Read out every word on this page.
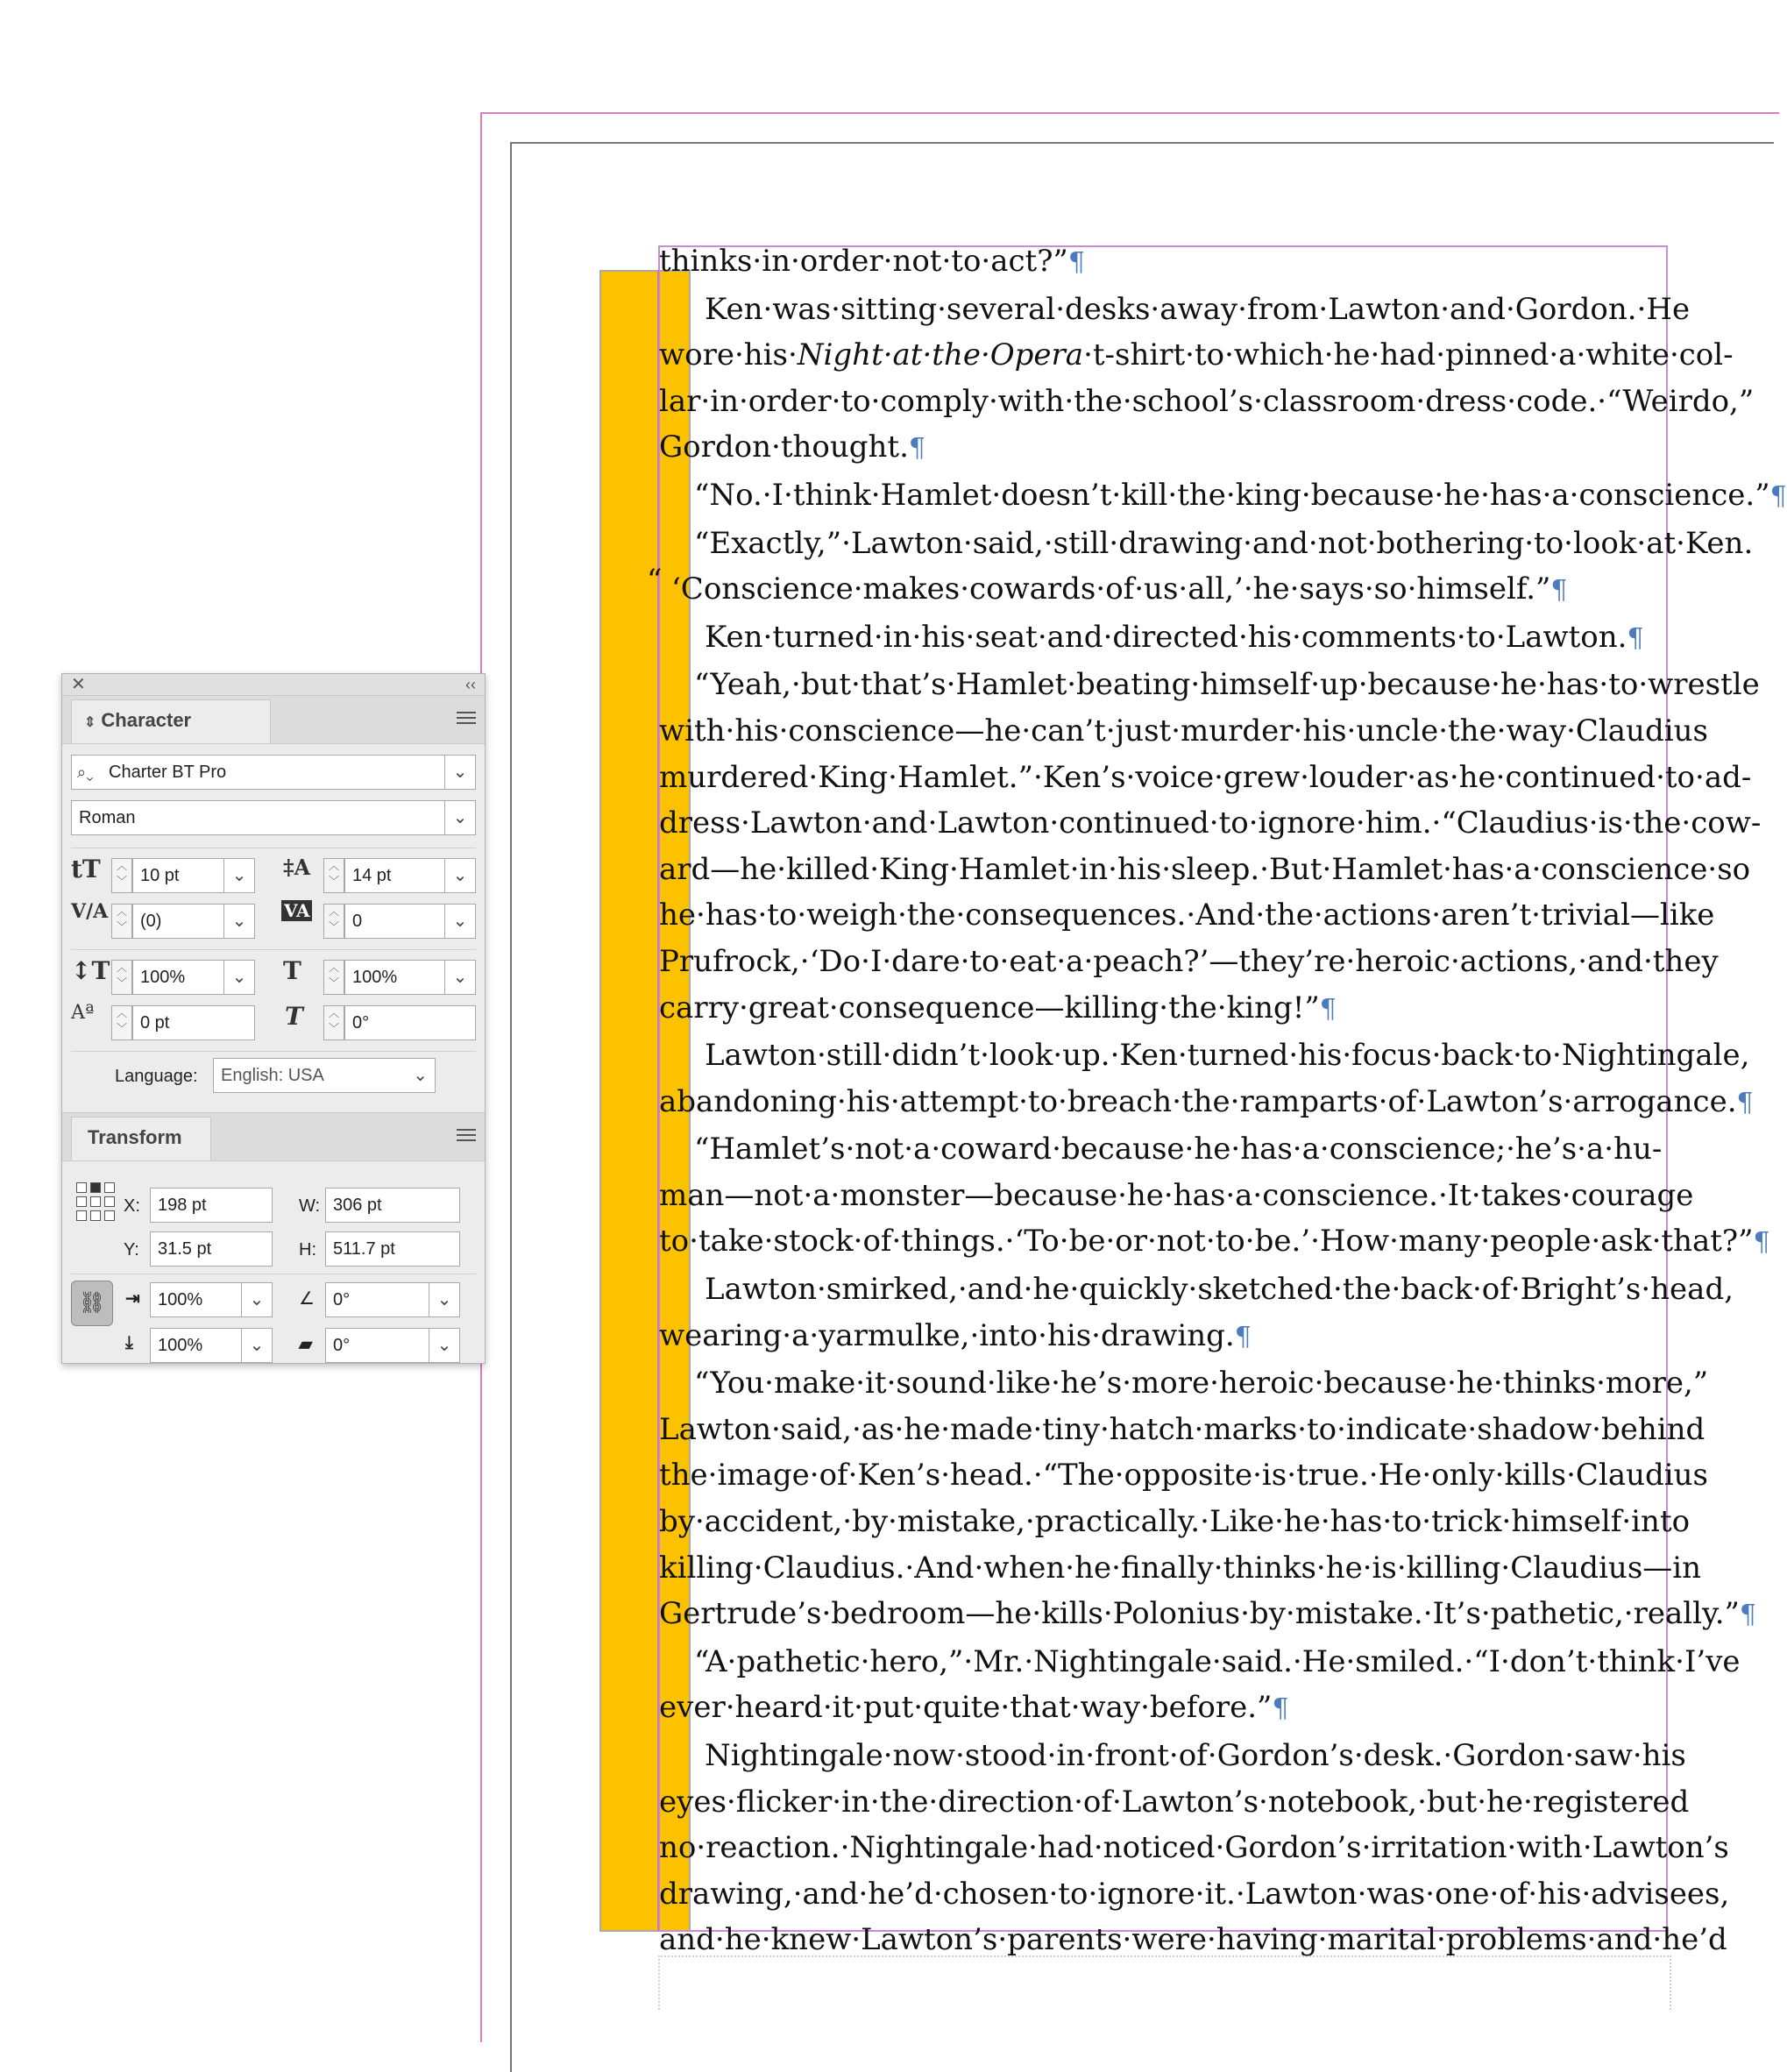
thinks·in·order·not·to·act?”¶

Ken·was·sitting·several·desks·away·from·Lawton·and·Gordon.·He

wore·his·Night·at·the·Opera·t-shirt·to·which·he·had·pinned·a·white·col-

lar·in·order·to·comply·with·the·school’s·classroom·dress·code.·“Weirdo,”

Gordon·thought.¶

“No.·I·think·Hamlet·doesn’t·kill·the·king·because·he·has·a·conscience.”¶

“Exactly,”·Lawton·said,·still·drawing·and·not·bothering·to·look·at·Ken.

‘Conscience·makes·cowards·of·us·all,’·he·says·so·himself.”¶

Ken·turned·in·his·seat·and·directed·his·comments·to·Lawton.¶

“Yeah,·but·that’s·Hamlet·beating·himself·up·because·he·has·to·wrestle

with·his·conscience—he·can’t·just·murder·his·uncle·the·way·Claudius

murdered·King·Hamlet.”·Ken’s·voice·grew·louder·as·he·continued·to·ad-

dress·Lawton·and·Lawton·continued·to·ignore·him.·“Claudius·is·the·cow-

ard—he·killed·King·Hamlet·in·his·sleep.·But·Hamlet·has·a·conscience·so

he·has·to·weigh·the·consequences.·And·the·actions·aren’t·trivial—like

Prufrock,·‘Do·I·dare·to·eat·a·peach?’—they’re·heroic·actions,·and·they

carry·great·consequence—killing·the·king!”¶

Lawton·still·didn’t·look·up.·Ken·turned·his·focus·back·to·Nightingale,

abandoning·his·attempt·to·breach·the·ramparts·of·Lawton’s·arrogance.¶

“Hamlet’s·not·a·coward·because·he·has·a·conscience;·he’s·a·hu-

man—not·a·monster—because·he·has·a·conscience.·It·takes·courage

to·take·stock·of·things.·‘To·be·or·not·to·be.’·How·many·people·ask·that?”¶

Lawton·smirked,·and·he·quickly·sketched·the·back·of·Bright’s·head,

wearing·a·yarmulke,·into·his·drawing.¶

“You·make·it·sound·like·he’s·more·heroic·because·he·thinks·more,”

Lawton·said,·as·he·made·tiny·hatch·marks·to·indicate·shadow·behind

the·image·of·Ken’s·head.·“The·opposite·is·true.·He·only·kills·Claudius

by·accident,·by·mistake,·practically.·Like·he·has·to·trick·himself·into

killing·Claudius.·And·when·he·finally·thinks·he·is·killing·Claudius—in

Gertrude’s·bedroom—he·kills·Polonius·by·mistake.·It’s·pathetic,·really.”¶

“A·pathetic·hero,”·Mr.·Nightingale·said.·He·smiled.·“I·don’t·think·I’ve

ever·heard·it·put·quite·that·way·before.”¶

Nightingale·now·stood·in·front·of·Gordon’s·desk.·Gordon·saw·his

eyes·flicker·in·the·direction·of·Lawton’s·notebook,·but·he·registered

no·reaction.·Nightingale·had·noticed·Gordon’s·irritation·with·Lawton’s

drawing,·and·he’d·chosen·to·ignore·it.·Lawton·was·one·of·his·advisees,

and·he·knew·Lawton’s·parents·were·having·marital·problems·and·he’d

“
✕	‹‹
⇕ Character
⌕⌄ Charter BT Pro	⌄
Roman	⌄
tT	︿
﹀ 10 pt	⌄	‡A	︿
﹀ 14 pt	⌄
V/A ︿
﹀ (0)	⌄	VA	︿
﹀ 0	⌄
↕T ︿
﹀ 100%	⌄	T	︿
﹀ 100%	⌄
Aª	︿
﹀ 0 pt	T	︿
﹀ 0°
Language:	English: USA	⌄
Transform
X:	198 pt	W: 306 pt
Y:	31.5 pt	H: 511.7 pt
⛓	⇥	100%	⌄	∠	0°	⌄
⤓	100%	⌄	▰	0°	⌄
